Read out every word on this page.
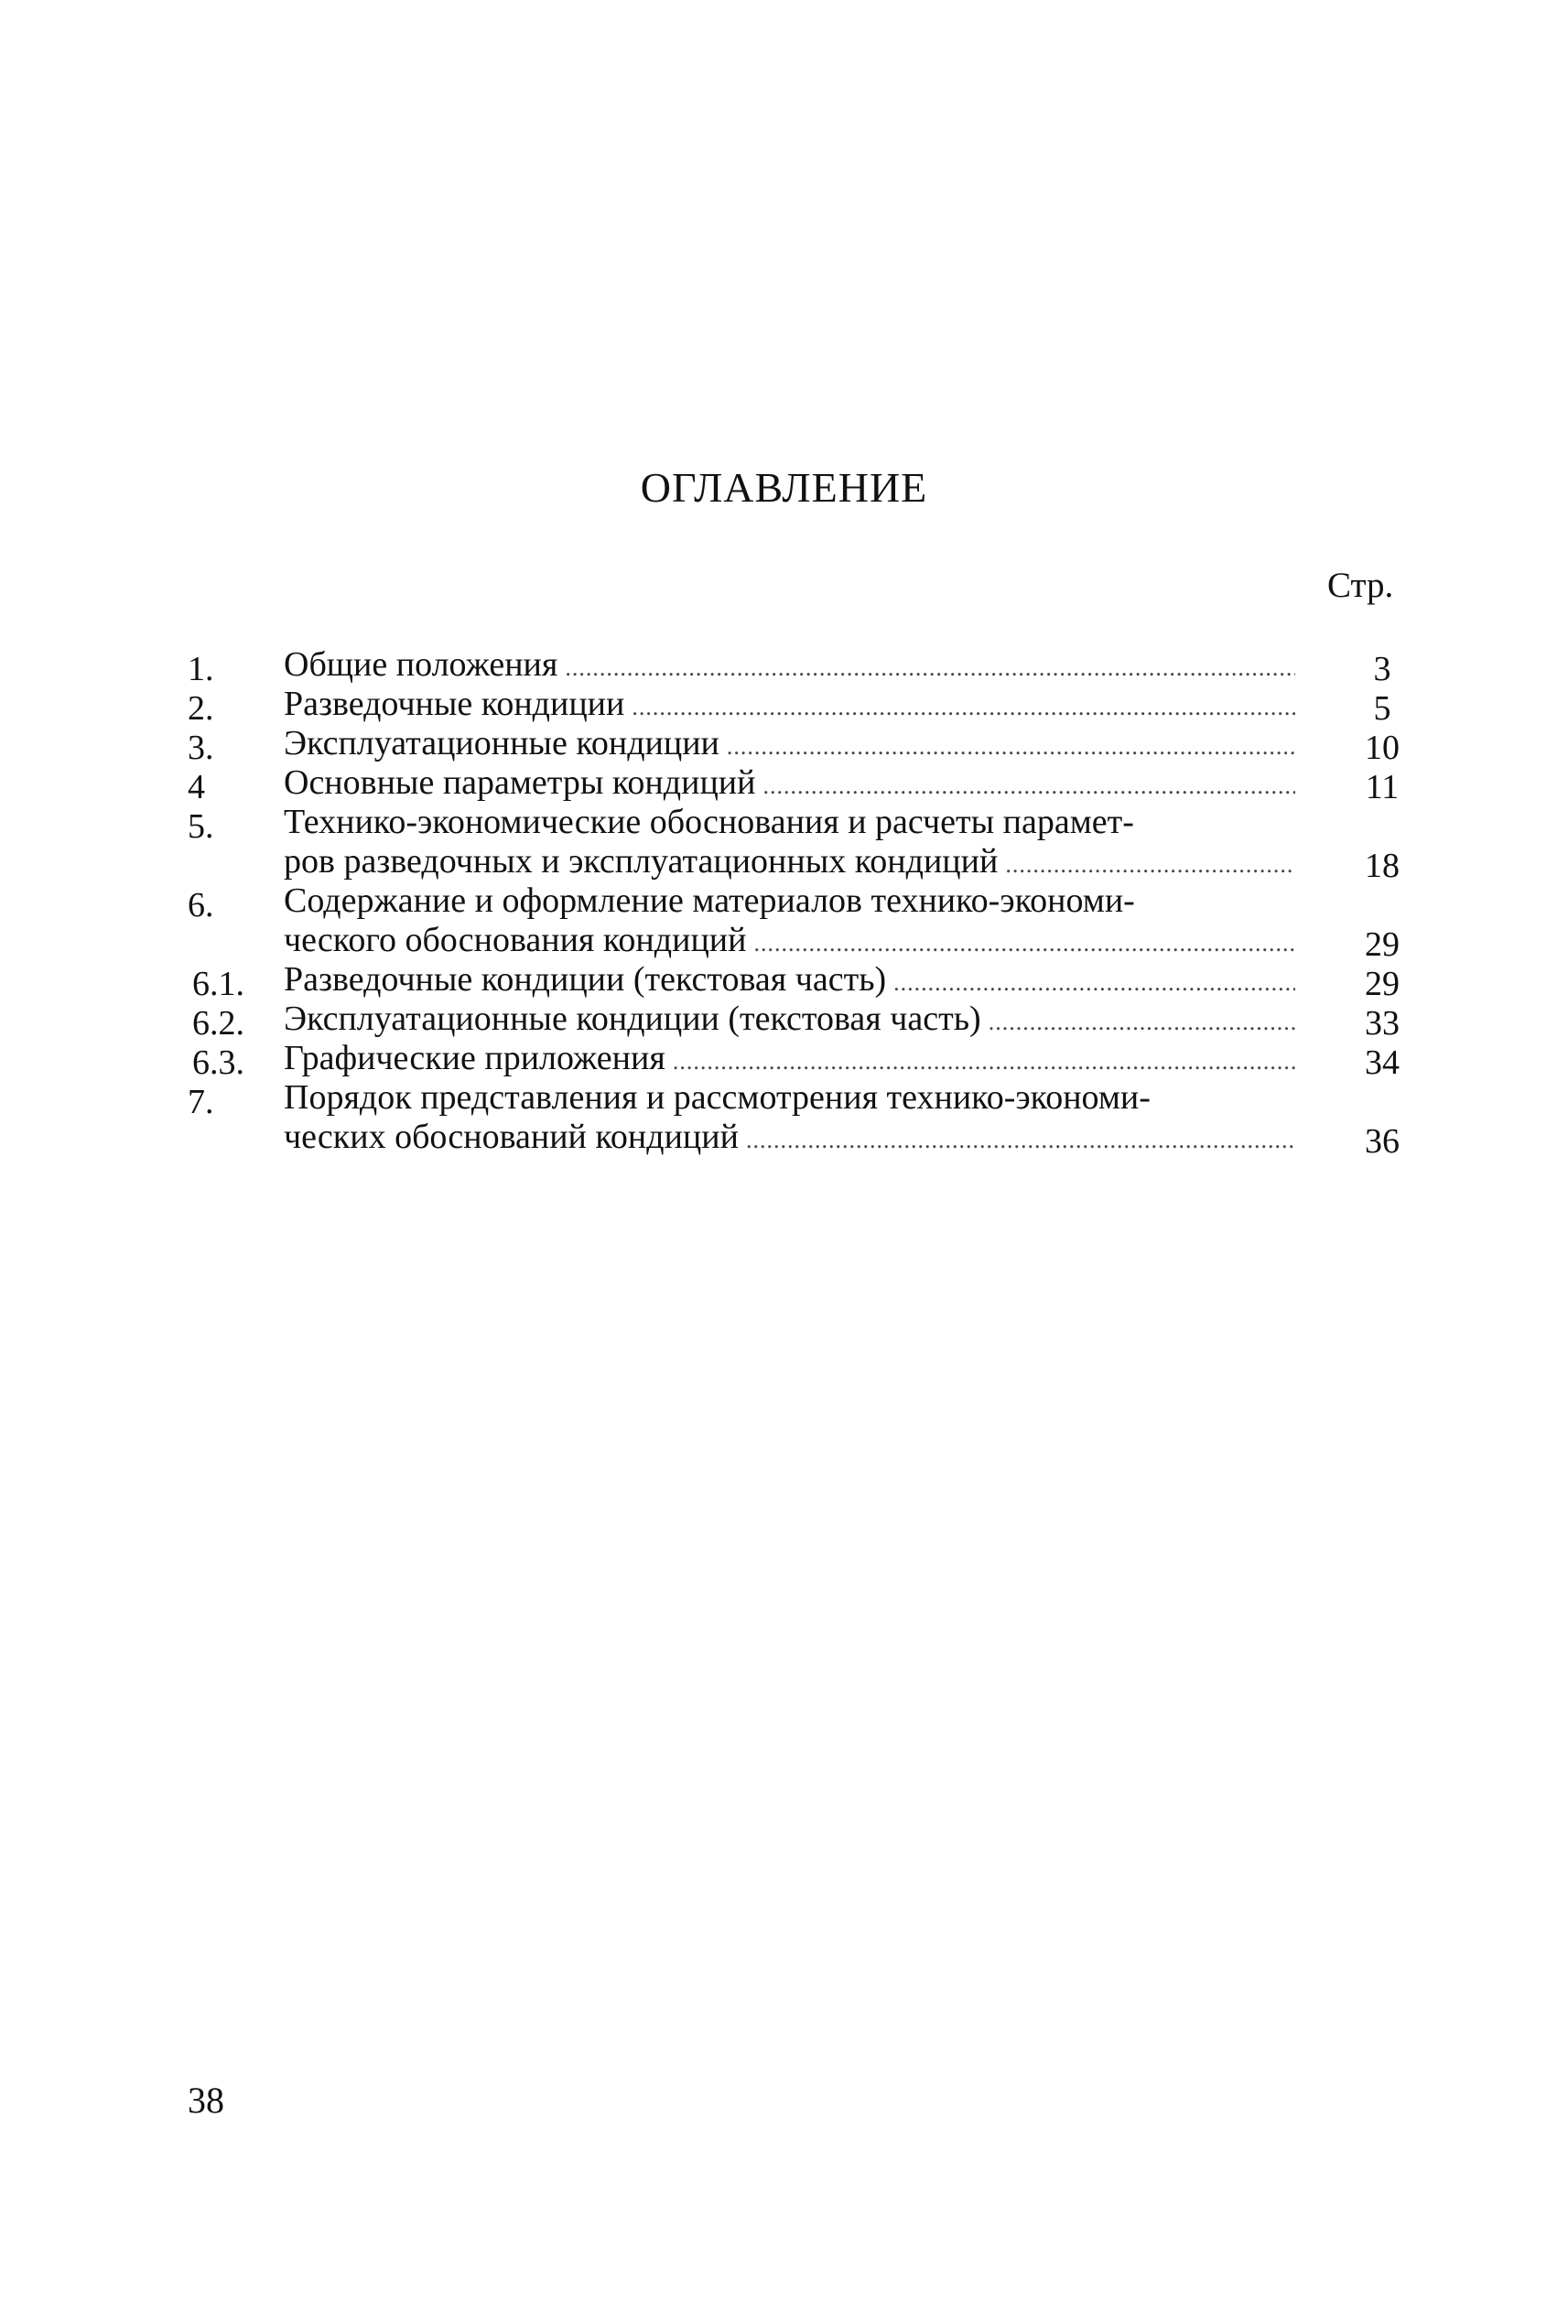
ОГЛАВЛЕНИЕ
Стр.
1. Общие положения .....	3
2. Разведочные кондиции .....	5
3. Эксплуатационные кондиции .....	10
4 Основные параметры кондиций .....	11
5. Технико-экономические обоснования и расчеты парамет-
ров разведочных и эксплуатационных кондиций .....	18
6. Содержание и оформление материалов технико-экономи-
ческого обоснования кондиций .....	29
6.1. Разведочные кондиции (текстовая часть) .....	29
6.2. Эксплуатационные кондиции (текстовая часть) .....	33
6.3. Графические приложения .....	34
7. Порядок представления и рассмотрения технико-экономи-
ческих обоснований кондиций .....	36
38
